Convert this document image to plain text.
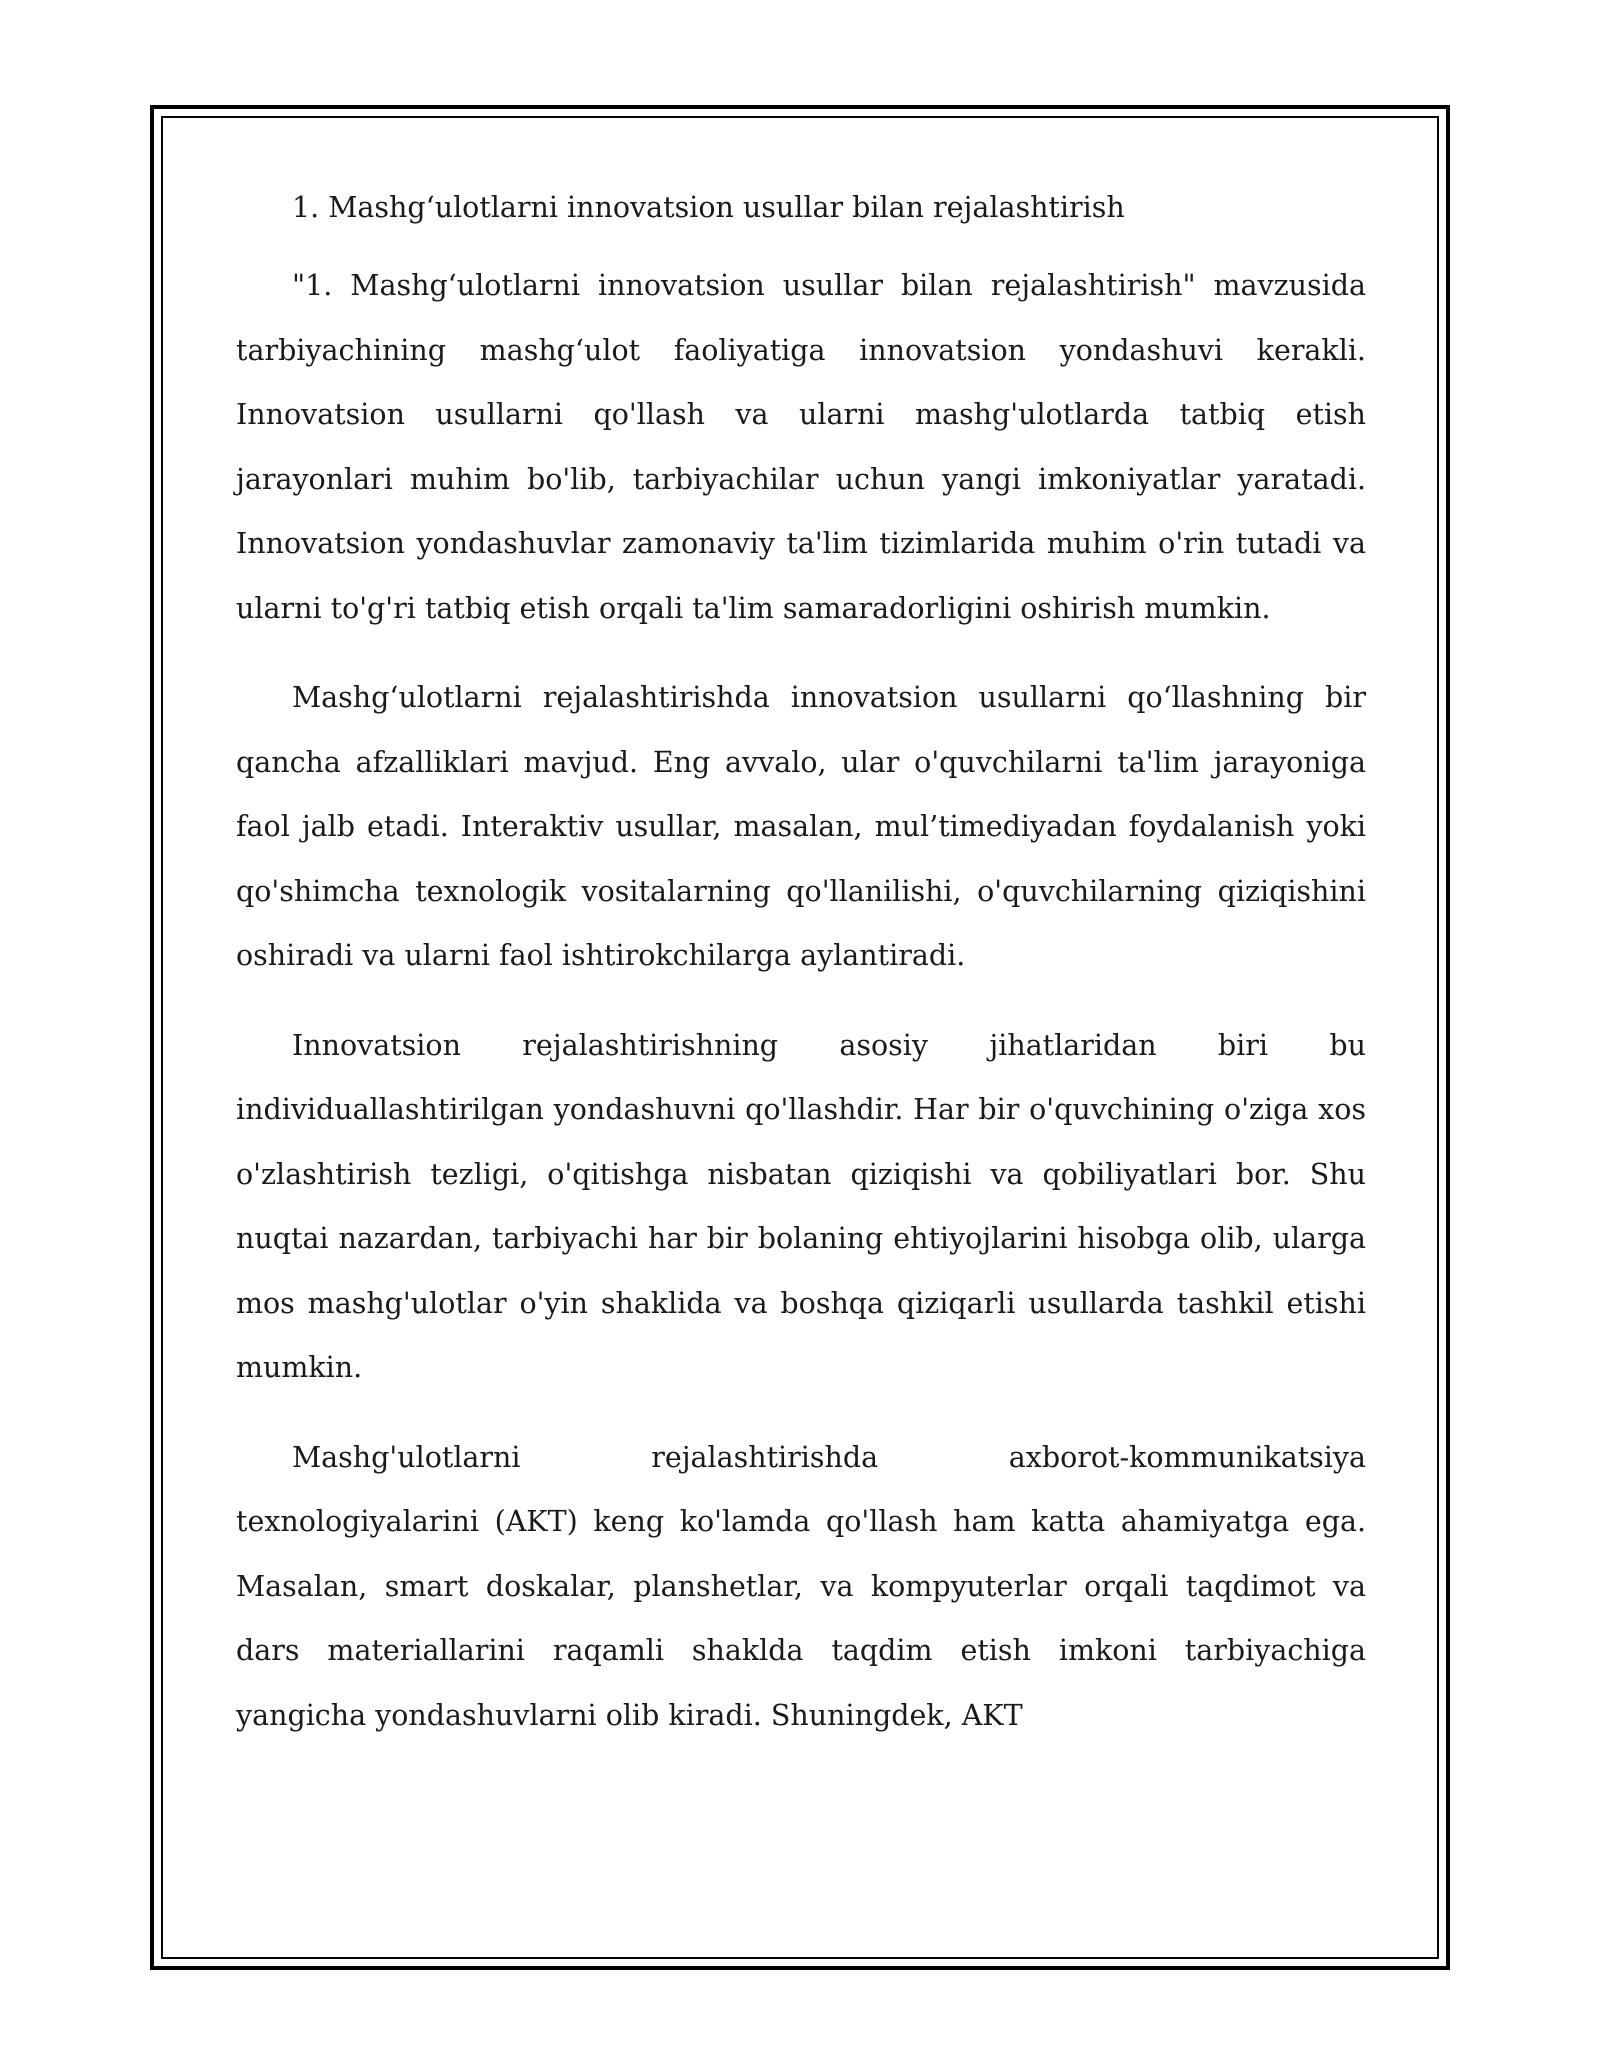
1. Mashg‘ulotlarni innovatsion usullar bilan rejalashtirish

"1. Mashg‘ulotlarni innovatsion usullar bilan rejalashtirish" mavzusida tarbiyachining mashg‘ulot faoliyatiga innovatsion yondashuvi kerakli. Innovatsion usullarni qo'llash va ularni mashg'ulotlarda tatbiq etish jarayonlari muhim bo'lib, tarbiyachilar uchun yangi imkoniyatlar yaratadi. Innovatsion yondashuvlar zamonaviy ta'lim tizimlarida muhim o'rin tutadi va ularni to'g'ri tatbiq etish orqali ta'lim samaradorligini oshirish mumkin.

Mashg‘ulotlarni rejalashtirishda innovatsion usullarni qo‘llashning bir qancha afzalliklari mavjud. Eng avvalo, ular o'quvchilarni ta'lim jarayoniga faol jalb etadi. Interaktiv usullar, masalan, mul’timediyadan foydalanish yoki qo'shimcha texnologik vositalarning qo'llanilishi, o'quvchilarning qiziqishini oshiradi va ularni faol ishtirokchilarga aylantiradi.

Innovatsion rejalashtirishning asosiy jihatlaridan biri bu individuallashtirilgan yondashuvni qo'llashdir. Har bir o'quvchining o'ziga xos o'zlashtirish tezligi, o'qitishga nisbatan qiziqishi va qobiliyatlari bor. Shu nuqtai nazardan, tarbiyachi har bir bolaning ehtiyojlarini hisobga olib, ularga mos mashg'ulotlar o'yin shaklida va boshqa qiziqarli usullarda tashkil etishi mumkin.

Mashg'ulotlarni rejalashtirishda axborot-kommunikatsiya texnologiyalarini (AKT) keng ko'lamda qo'llash ham katta ahamiyatga ega. Masalan, smart doskalar, planshetlar, va kompyuterlar orqali taqdimot va dars materiallarini raqamli shaklda taqdim etish imkoni tarbiyachiga yangicha yondashuvlarni olib kiradi. Shuningdek, AKT
